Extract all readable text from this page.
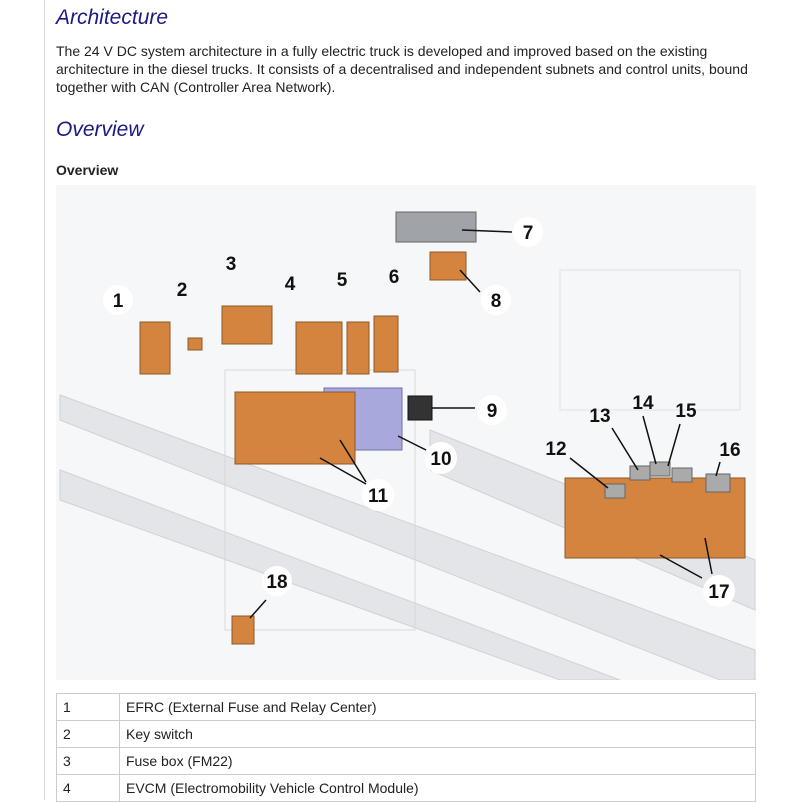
Architecture
The 24 V DC system architecture in a fully electric truck is developed and improved based on the existing architecture in the diesel trucks. It consists of a decentralised and independent subnets and control units, bound together with CAN (Controller Area Network).
Overview
Overview
1
2
3
4 5 6
7
8
9
10
11
12
13
14 15
16
17
18
1	EFRC (External Fuse and Relay Center)
2	Key switch
3	Fuse box (FM22)
4	EVCM (Electromobility Vehicle Control Module)
